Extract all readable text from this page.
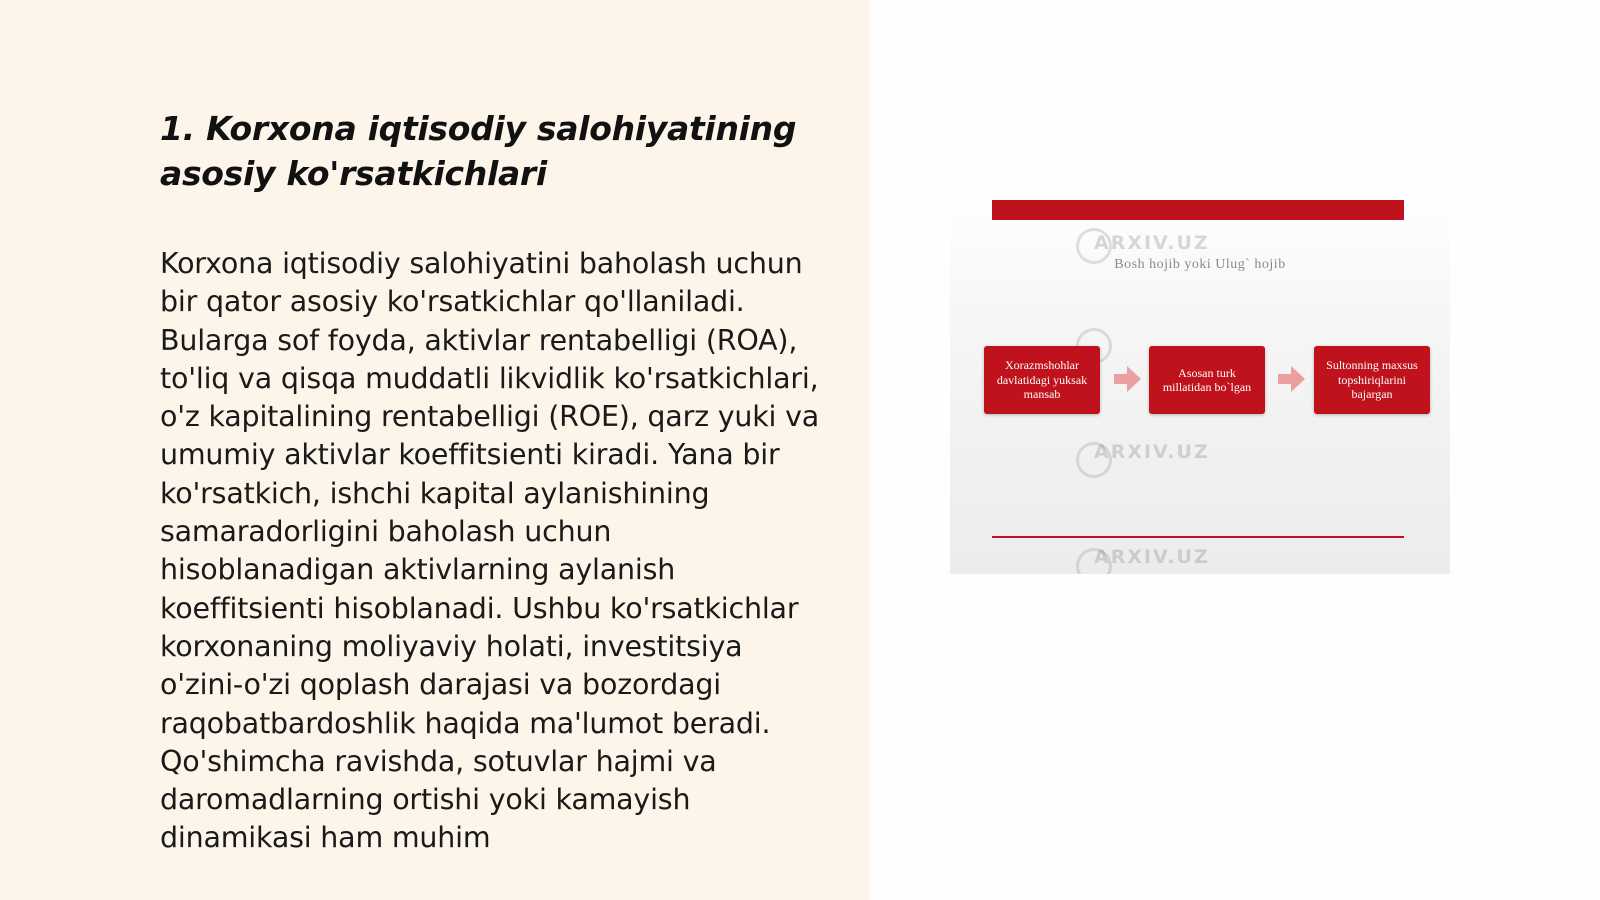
1. Korxona iqtisodiy salohiyatining asosiy ko'rsatkichlari

Korxona iqtisodiy salohiyatini baholash uchun bir qator asosiy ko'rsatkichlar qo'llaniladi. Bularga sof foyda, aktivlar rentabelligi (ROA), to'liq va qisqa muddatli likvidlik ko'rsatkichlari, o'z kapitalining rentabelligi (ROE), qarz yuki va umumiy aktivlar koeffitsienti kiradi. Yana bir ko'rsatkich, ishchi kapital aylanishining samaradorligini baholash uchun hisoblanadigan aktivlarning aylanish koeffitsienti hisoblanadi. Ushbu ko'rsatkichlar korxonaning moliyaviy holati, investitsiya o'zini-o'zi qoplash darajasi va bozordagi raqobatbardoshlik haqida ma'lumot beradi. Qo'shimcha ravishda, sotuvlar hajmi va daromadlarning ortishi yoki kamayish dinamikasi ham muhim

ARXIV.UZ
Bosh hojib yoki Ulug` hojib
Xorazmshohlar davlatidagi yuksak mansab
Asosan turk millatidan bo`lgan
Sultonning maxsus topshiriqlarini bajargan
ARXIV.UZ
ARXIV.UZ
